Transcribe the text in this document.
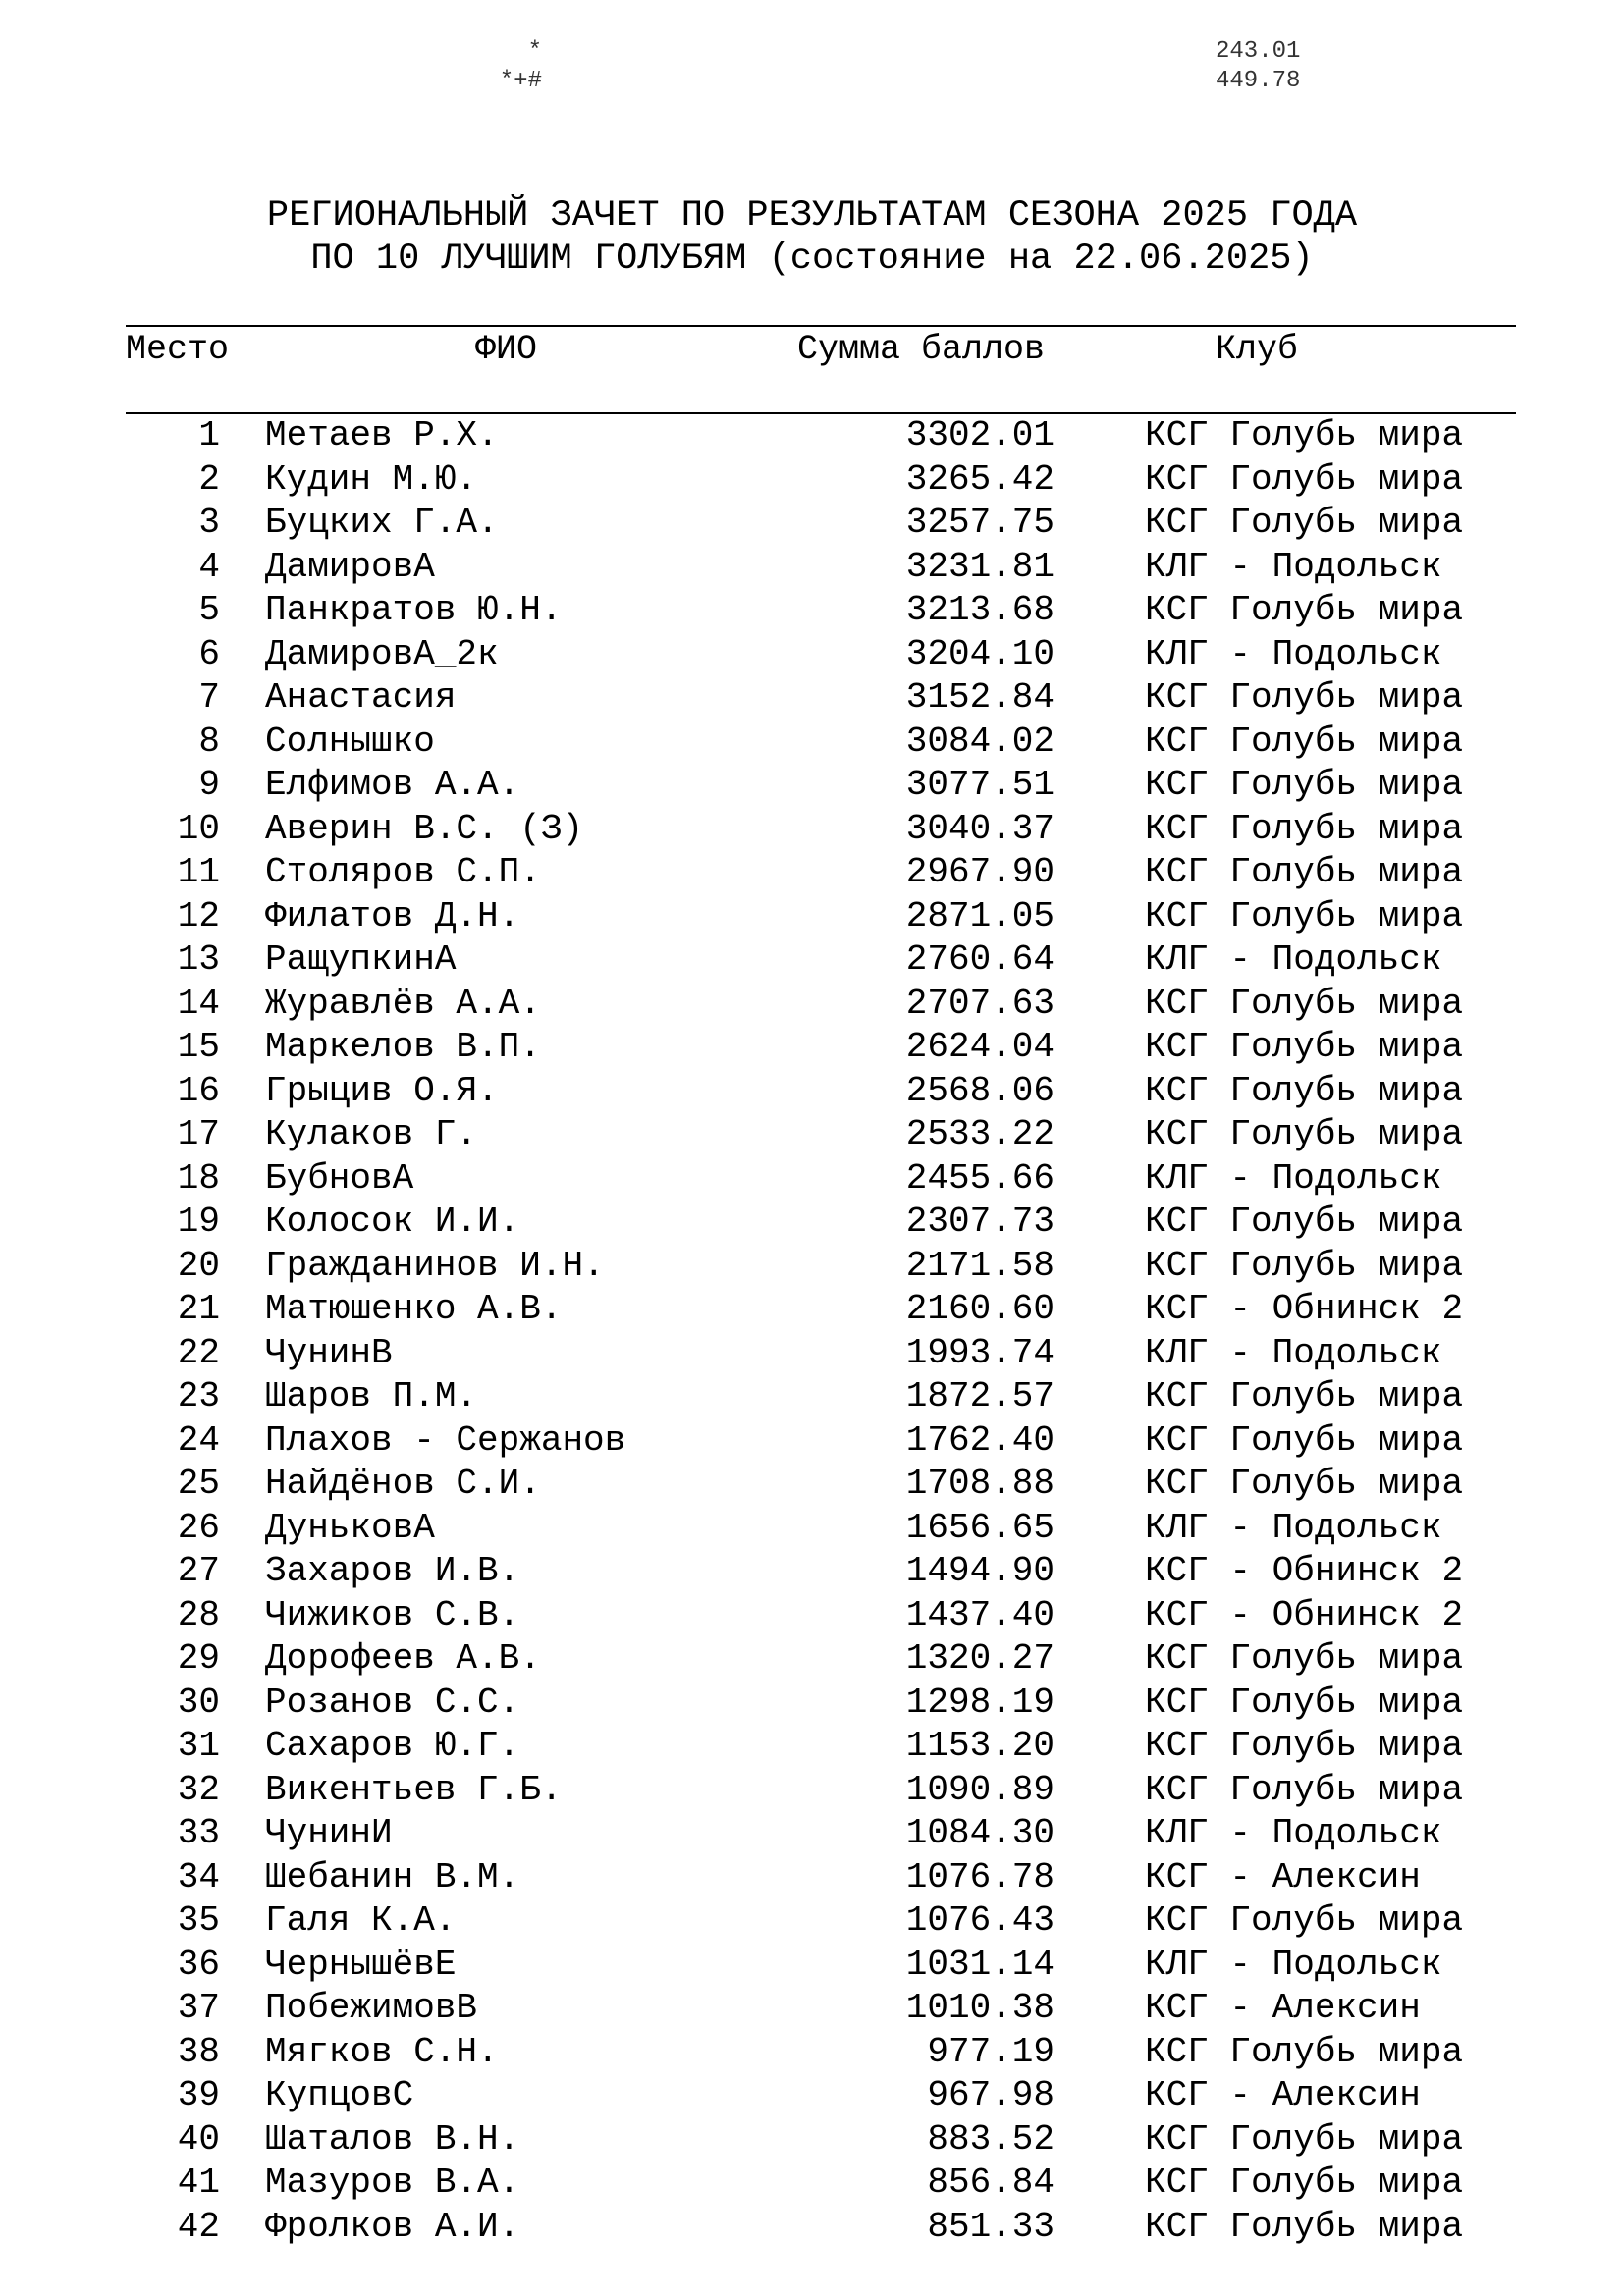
*
*+#
243.01
449.78
РЕГИОНАЛЬНЫЙ ЗАЧЕТ ПО РЕЗУЛЬТАТАМ СЕЗОНА 2025 ГОДА
ПО 10 ЛУЧШИМ ГОЛУБЯМ (состояние на 22.06.2025)
Место	ФИО	Сумма баллов	Клуб
1 Метаев Р.Х.	3302.01	КСГ Голубь мира
2 Кудин М.Ю.	3265.42	КСГ Голубь мира
3 Буцких Г.А.	3257.75	КСГ Голубь мира
4 ДамировА	3231.81	КЛГ - Подольск
5 Панкратов Ю.Н.	3213.68	КСГ Голубь мира
6 ДамировА_2к	3204.10	КЛГ - Подольск
7 Анастасия	3152.84	КСГ Голубь мира
8 Солнышко	3084.02	КСГ Голубь мира
9 Елфимов А.А.	3077.51	КСГ Голубь мира
10 Аверин В.С. (З)	3040.37	КСГ Голубь мира
11 Столяров С.П.	2967.90	КСГ Голубь мира
12 Филатов Д.Н.	2871.05	КСГ Голубь мира
13 РащупкинА	2760.64	КЛГ - Подольск
14 Журавлёв А.А.	2707.63	КСГ Голубь мира
15 Маркелов В.П.	2624.04	КСГ Голубь мира
16 Грыцив О.Я.	2568.06	КСГ Голубь мира
17 Кулаков Г.	2533.22	КСГ Голубь мира
18 БубновА	2455.66	КЛГ - Подольск
19 Колосок И.И.	2307.73	КСГ Голубь мира
20 Гражданинов И.Н.	2171.58	КСГ Голубь мира
21 Матюшенко А.В.	2160.60	КСГ - Обнинск 2
22 ЧунинВ	1993.74	КЛГ - Подольск
23 Шаров П.М.	1872.57	КСГ Голубь мира
24 Плахов - Сержанов	1762.40	КСГ Голубь мира
25 Найдёнов С.И.	1708.88	КСГ Голубь мира
26 ДуньковА	1656.65	КЛГ - Подольск
27 Захаров И.В.	1494.90	КСГ - Обнинск 2
28 Чижиков С.В.	1437.40	КСГ - Обнинск 2
29 Дорофеев А.В.	1320.27	КСГ Голубь мира
30 Розанов С.С.	1298.19	КСГ Голубь мира
31 Сахаров Ю.Г.	1153.20	КСГ Голубь мира
32 Викентьев Г.Б.	1090.89	КСГ Голубь мира
33 ЧунинИ	1084.30	КЛГ - Подольск
34 Шебанин В.М.	1076.78	КСГ - Алексин
35 Галя К.А.	1076.43	КСГ Голубь мира
36 ЧернышёвЕ	1031.14	КЛГ - Подольск
37 ПобежимовВ	1010.38	КСГ - Алексин
38 Мягков С.Н.	977.19	КСГ Голубь мира
39 КупцовС	967.98	КСГ - Алексин
40 Шаталов В.Н.	883.52	КСГ Голубь мира
41 Мазуров В.А.	856.84	КСГ Голубь мира
42 Фролков А.И.	851.33	КСГ Голубь мира
